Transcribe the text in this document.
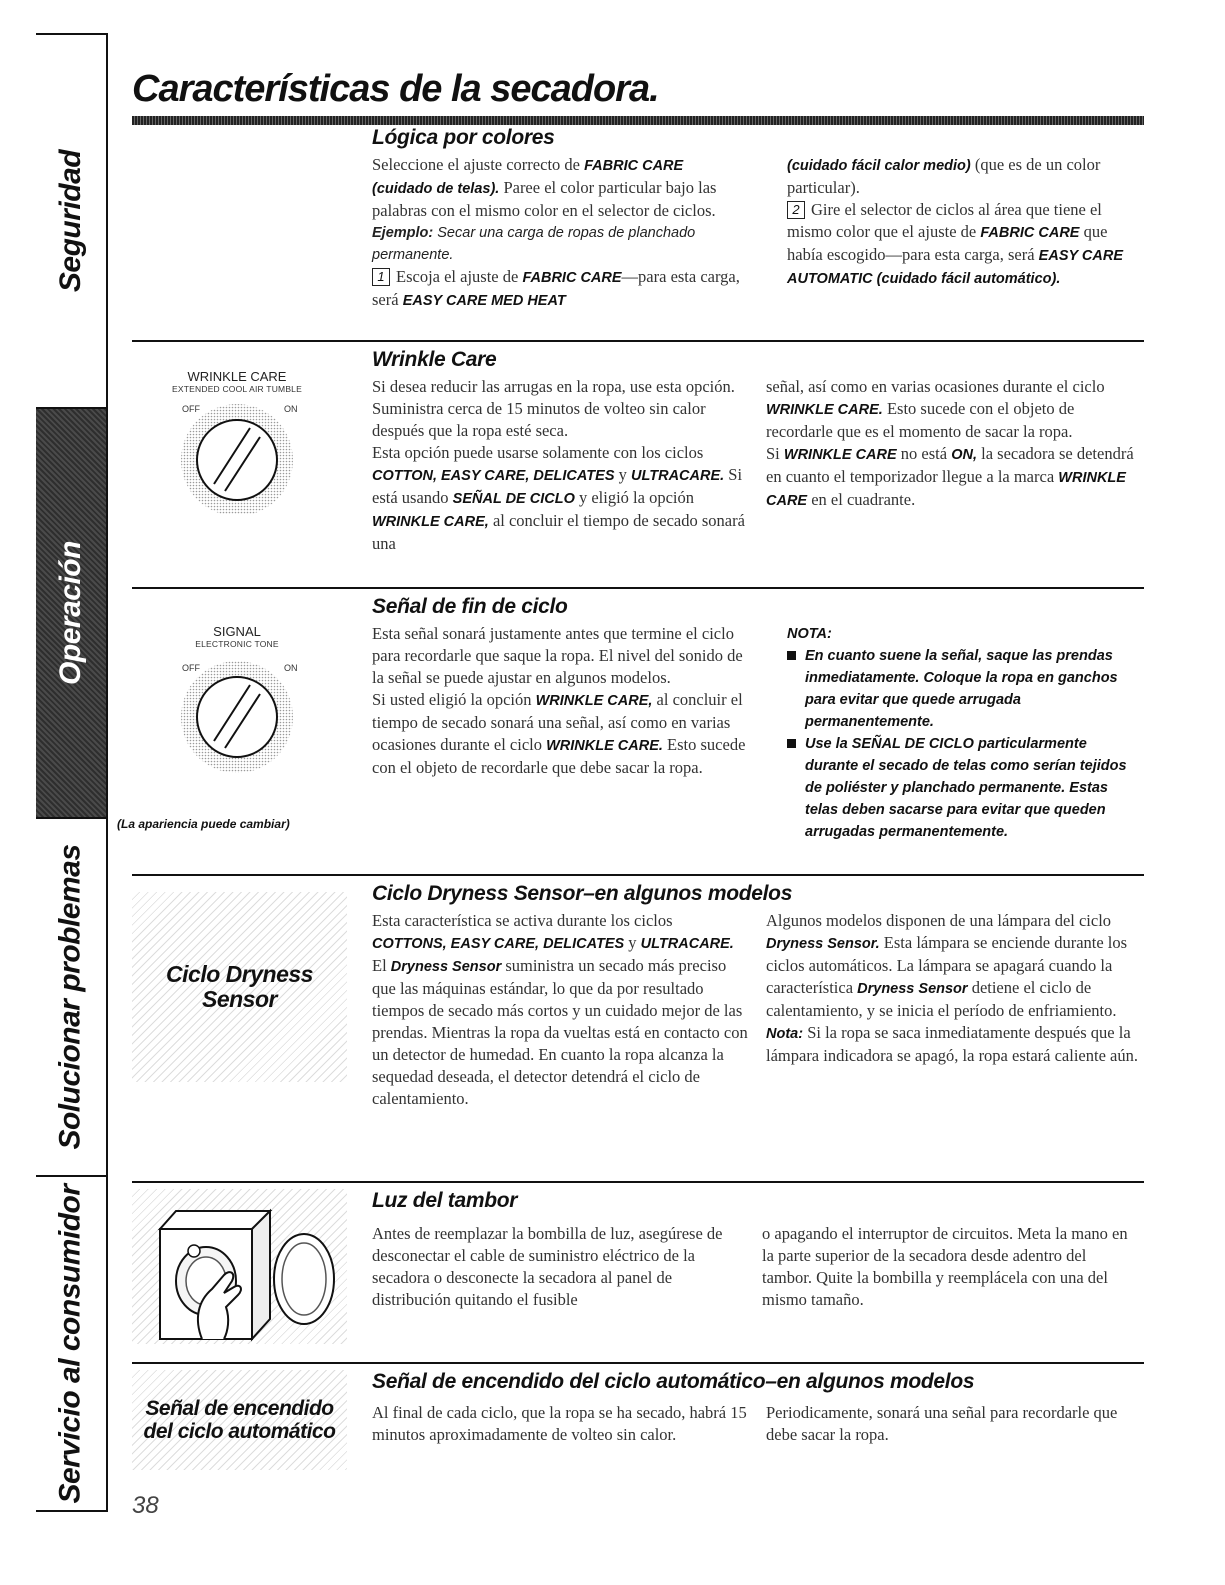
Seguridad
Operación
Solucionar problemas
Servicio al consumidor
Características de la secadora.
Lógica por colores

Seleccione el ajuste correcto de FABRIC CARE (cuidado de telas). Paree el color particular bajo las palabras con el mismo color en el selector de ciclos.

Ejemplo: Secar una carga de ropas de planchado permanente.

1 Escoja el ajuste de FABRIC CARE—para esta carga, será EASY CARE MED HEAT

(cuidado fácil calor medio) (que es de un color particular).

2 Gire el selector de ciclos al área que tiene el mismo color que el ajuste de FABRIC CARE que había escogido—para esta carga, será EASY CARE AUTOMATIC (cuidado fácil automático).

WRINKLE CARE
EXTENDED COOL AIR TUMBLE
OFF	ON
Wrinkle Care

Si desea reducir las arrugas en la ropa, use esta opción. Suministra cerca de 15 minutos de volteo sin calor después que la ropa esté seca.

Esta opción puede usarse solamente con los ciclos COTTON, EASY CARE, DELICATES y ULTRACARE. Si está usando SEÑAL DE CICLO y eligió la opción WRINKLE CARE, al concluir el tiempo de secado sonará una

señal, así como en varias ocasiones durante el ciclo WRINKLE CARE. Esto sucede con el objeto de recordarle que es el momento de sacar la ropa.

Si WRINKLE CARE no está ON, la secadora se detendrá en cuanto el temporizador llegue a la marca WRINKLE CARE en el cuadrante.

SIGNAL
ELECTRONIC TONE
OFF	ON
(La apariencia puede cambiar)
Señal de fin de ciclo

Esta señal sonará justamente antes que termine el ciclo para recordarle que saque la ropa. El nivel del sonido de la señal se puede ajustar en algunos modelos.

Si usted eligió la opción WRINKLE CARE, al concluir el tiempo de secado sonará una señal, así como en varias ocasiones durante el ciclo WRINKLE CARE. Esto sucede con el objeto de recordarle que debe sacar la ropa.

NOTA:
En cuanto suene la señal, saque las prendas inmediatamente. Coloque la ropa en ganchos para evitar que quede arrugada permanentemente.
Use la SEÑAL DE CICLO particularmente durante el secado de telas como serían tejidos de poliéster y planchado permanente. Estas telas deben sacarse para evitar que queden arrugadas permanentemente.
Ciclo Dryness
Sensor
Ciclo Dryness Sensor–en algunos modelos

Esta característica se activa durante los ciclos COTTONS, EASY CARE, DELICATES y ULTRACARE.

El Dryness Sensor suministra un secado más preciso que las máquinas estándar, lo que da por resultado tiempos de secado más cortos y un cuidado mejor de las prendas. Mientras la ropa da vueltas está en contacto con un detector de humedad. En cuanto la ropa alcanza la sequedad deseada, el detector detendrá el ciclo de calentamiento.

Algunos modelos disponen de una lámpara del ciclo Dryness Sensor. Esta lámpara se enciende durante los ciclos automáticos. La lámpara se apagará cuando la característica Dryness Sensor detiene el ciclo de calentamiento, y se inicia el período de enfriamiento.

Nota: Si la ropa se saca inmediatamente después que la lámpara indicadora se apagó, la ropa estará caliente aún.

Luz del tambor

Antes de reemplazar la bombilla de luz, asegúrese de desconectar el cable de suministro eléctrico de la secadora o desconecte la secadora al panel de distribución quitando el fusible

o apagando el interruptor de circuitos. Meta la mano en la parte superior de la secadora desde adentro del tambor. Quite la bombilla y reemplácela con una del mismo tamaño.

Señal de encendido
del ciclo automático
Señal de encendido del ciclo automático–en algunos modelos

Al final de cada ciclo, que la ropa se ha secado, habrá 15 minutos aproximadamente de volteo sin calor.

Periodicamente, sonará una señal para recordarle que debe sacar la ropa.

38
